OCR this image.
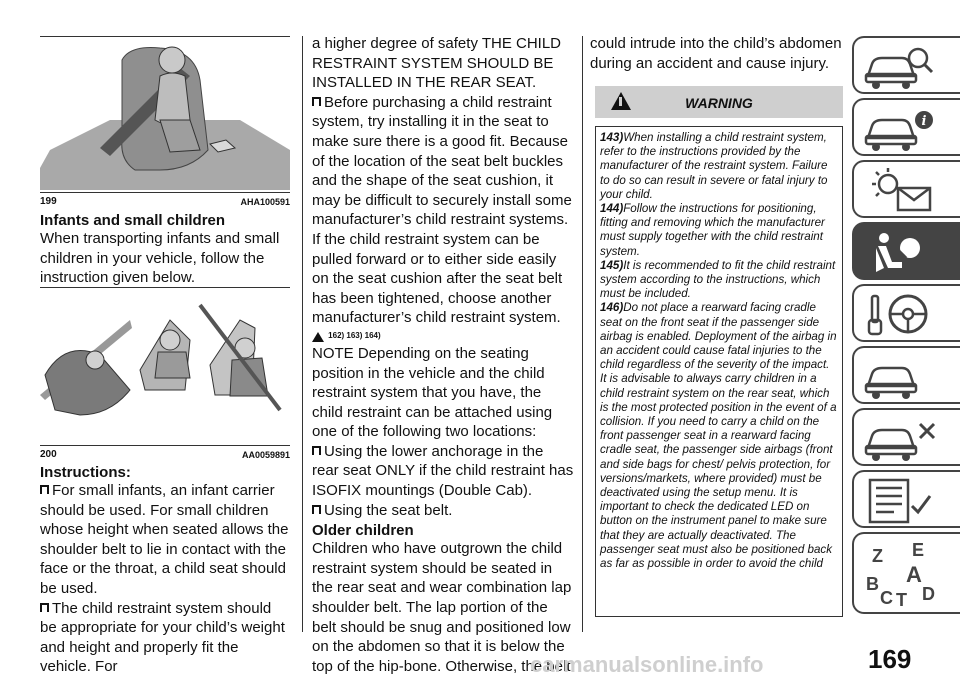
199	AHA100591

Infants and small children

When transporting infants and small children in your vehicle, follow the instruction given below.

200	AA0059891

Instructions:

For small infants, an infant carrier should be used. For small children whose height when seated allows the shoulder belt to lie in contact with the face or the throat, a child seat should be used.

The child restraint system should be appropriate for your child’s weight and height and properly fit the vehicle. For

a higher degree of safety THE CHILD RESTRAINT SYSTEM SHOULD BE INSTALLED IN THE REAR SEAT.

Before purchasing a child restraint system, try installing it in the seat to make sure there is a good fit. Because of the location of the seat belt buckles and the shape of the seat cushion, it may be difficult to securely install some manufacturer’s child restraint systems. If the child restraint system can be pulled forward or to either side easily on the seat cushion after the seat belt has been tightened, choose another manufacturer’s child restraint system.

$^{162) 163) 164)}$

NOTE Depending on the seating position in the vehicle and the child restraint system that you have, the child restraint can be attached using one of the following two locations:

Using the lower anchorage in the rear seat ONLY if the child restraint has ISOFIX mountings (Double Cab).

Using the seat belt.

Older children

Children who have outgrown the child restraint system should be seated in the rear seat and wear combination lap shoulder belt. The lap portion of the belt should be snug and positioned low on the abdomen so that it is below the top of the hip-bone. Otherwise, the belt

could intrude into the child’s abdomen during an accident and cause injury.

WARNING

143)When installing a child restraint system, refer to the instructions provided by the manufacturer of the restraint system. Failure to do so can result in severe or fatal injury to your child.

144)Follow the instructions for positioning, fitting and removing which the manufacturer must supply together with the child restraint system.

145)It is recommended to fit the child restraint system according to the instructions, which must be included.

146)Do not place a rearward facing cradle seat on the front seat if the passenger side airbag is enabled. Deployment of the airbag in an accident could cause fatal injuries to the child regardless of the severity of the impact. It is advisable to always carry children in a child restraint system on the rear seat, which is the most protected position in the event of a collision. If you need to carry a child on the front passenger seat in a rearward facing cradle seat, the passenger side airbags (front and side bags for chest/ pelvis protection, for versions/markets, where provided) must be deactivated using the setup menu. It is important to check the dedicated LED on button on the instrument panel to make sure that they are actually deactivated. The passenger seat must also be positioned back as far as possible in order to avoid the child

i
Z E
A
B
C T D
carmanualsonline.info	169
